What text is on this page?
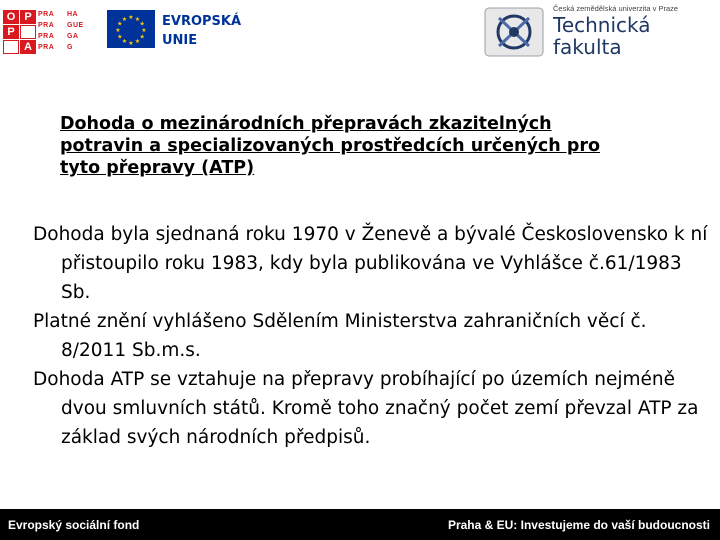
O P
P
A
PRA	HA
PRA	GUE
PRA	GA
PRA	G
★ ★
★
★
★
★
★
★
★
★
★
★	EVROPSKÁ
UNIE
Česká zemědělská univerzita v Praze
Technická
fakulta
Dohoda o mezinárodních přepravách zkazitelných
potravin a specializovaných prostředcích určených pro
tyto přepravy (ATP)

Dohoda byla sjednaná roku 1970 v Ženevě a bývalé Československo k ní přistoupilo roku 1983, kdy byla publikována ve Vyhlášce č.61/1983 Sb.

Platné znění vyhlášeno Sdělením Ministerstva zahraničních věcí č. 8/2011 Sb.m.s.

Dohoda ATP se vztahuje na přepravy probíhající po územích nejméně dvou smluvních států. Kromě toho značný počet zemí převzal ATP za základ svých národních předpisů.

Evropský sociální fond	Praha & EU: Investujeme do vaší budoucnosti
